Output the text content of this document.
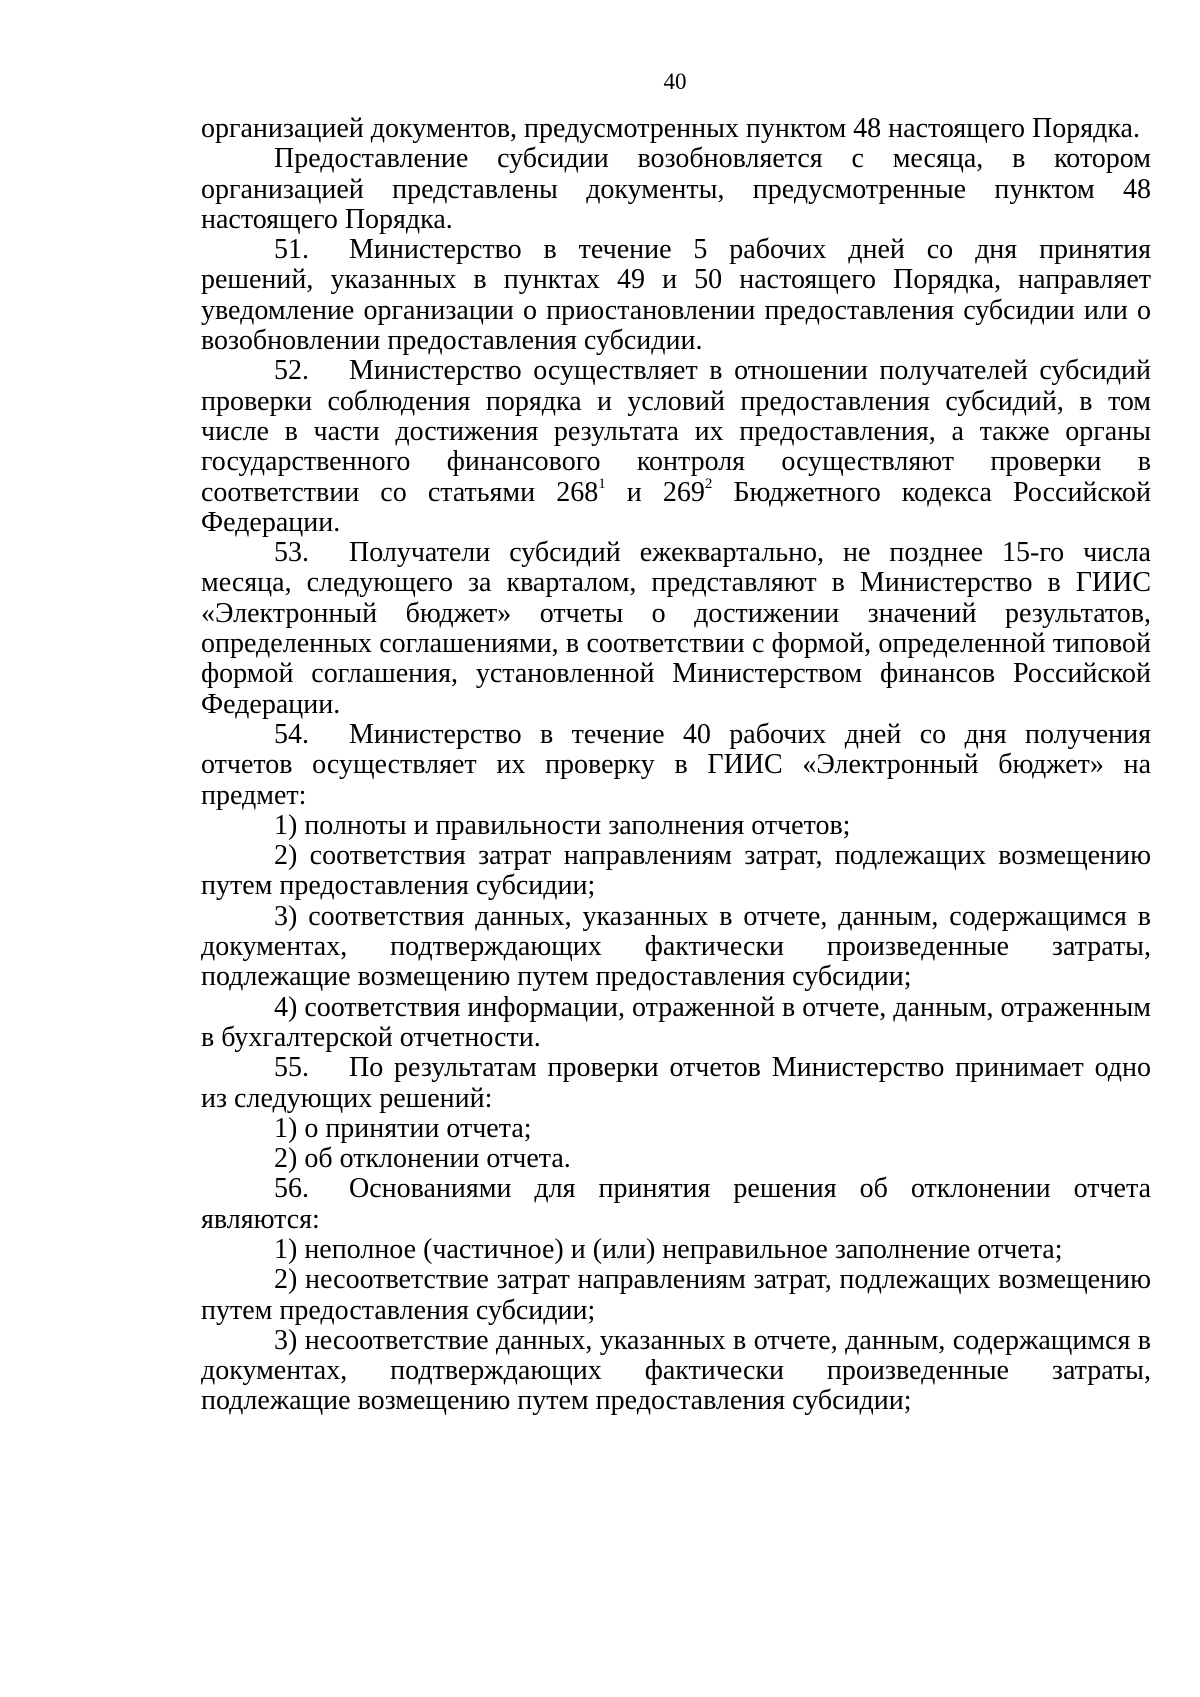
40

организацией документов, предусмотренных пунктом 48 настоящего Порядка.

Предоставление субсидии возобновляется с месяца, в котором организацией представлены документы, предусмотренные пунктом 48 настоящего Порядка.

51. Министерство в течение 5 рабочих дней со дня принятия решений, указанных в пунктах 49 и 50 настоящего Порядка, направляет уведомление организации о приостановлении предоставления субсидии или о возобновлении предоставления субсидии.

52. Министерство осуществляет в отношении получателей субсидий проверки соблюдения порядка и условий предоставления субсидий, в том числе в части достижения результата их предоставления, а также органы государственного финансового контроля осуществляют проверки в соответствии со статьями $268^1$ и $269^2$ Бюджетного кодекса Российской Федерации.

53. Получатели субсидий ежеквартально, не позднее 15-го числа месяца, следующего за кварталом, представляют в Министерство в ГИИС «Электронный бюджет» отчеты о достижении значений результатов, определенных соглашениями, в соответствии с формой, определенной типовой формой соглашения, установленной Министерством финансов Российской Федерации.

54. Министерство в течение 40 рабочих дней со дня получения отчетов осуществляет их проверку в ГИИС «Электронный бюджет» на предмет:

1) полноты и правильности заполнения отчетов;

2) соответствия затрат направлениям затрат, подлежащих возмещению путем предоставления субсидии;

3) соответствия данных, указанных в отчете, данным, содержащимся в документах, подтверждающих фактически произведенные затраты, подлежащие возмещению путем предоставления субсидии;

4) соответствия информации, отраженной в отчете, данным, отраженным в бухгалтерской отчетности.

55. По результатам проверки отчетов Министерство принимает одно из следующих решений:

1) о принятии отчета;

2) об отклонении отчета.

56. Основаниями для принятия решения об отклонении отчета являются:

1) неполное (частичное) и (или) неправильное заполнение отчета;

2) несоответствие затрат направлениям затрат, подлежащих возмещению путем предоставления субсидии;

3) несоответствие данных, указанных в отчете, данным, содержащимся в документах, подтверждающих фактически произведенные затраты, подлежащие возмещению путем предоставления субсидии;
